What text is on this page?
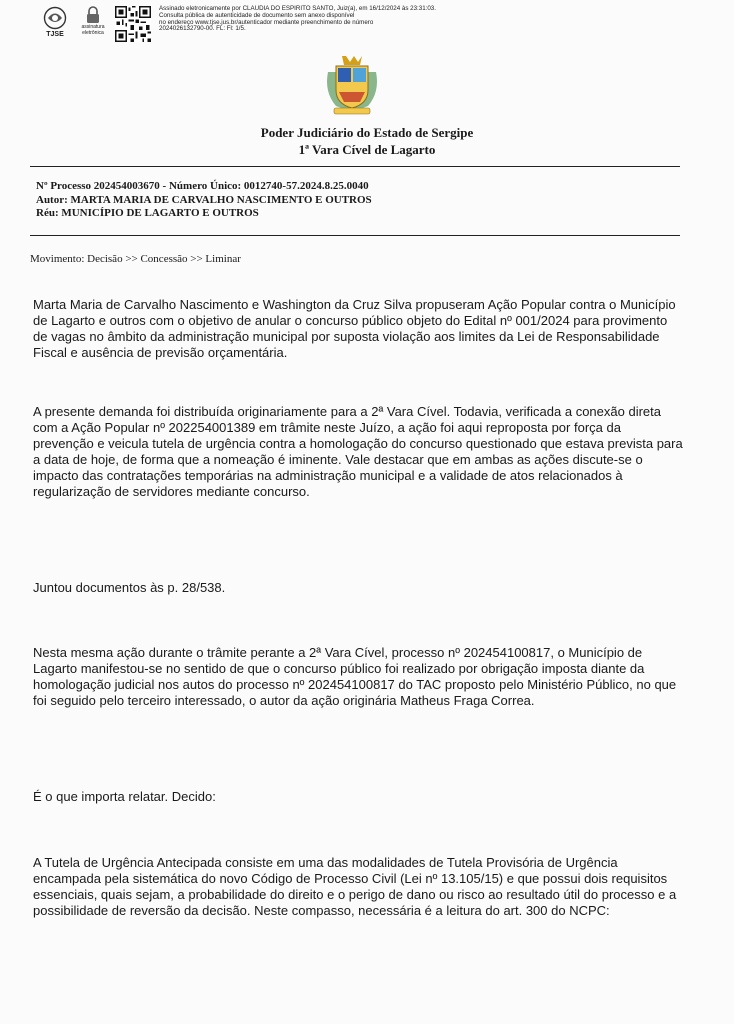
TJSE
assinatura
eletrônica
Assinado eletronicamente por CLAUDIA DO ESPIRITO SANTO, Juiz(a), em 16/12/2024 às 23:31:03.
Consulta pública de autenticidade de documento sem anexo disponível
no endereço www.tjse.jus.br/autenticador mediante preenchimento de número
2024026132790-00. FL: Fl: 1/5.
Poder Judiciário do Estado de Sergipe
1ª Vara Cível de Lagarto
Nº Processo 202454003670 - Número Único: 0012740-57.2024.8.25.0040
Autor: MARTA MARIA DE CARVALHO NASCIMENTO E OUTROS
Réu: MUNICÍPIO DE LAGARTO E OUTROS
Movimento: Decisão >> Concessão >> Liminar

Marta Maria de Carvalho Nascimento e Washington da Cruz Silva propuseram Ação Popular contra o Município de Lagarto e outros com o objetivo de anular o concurso público objeto do Edital nº 001/2024 para provimento de vagas no âmbito da administração municipal por suposta violação aos limites da Lei de Responsabilidade Fiscal e ausência de previsão orçamentária.

A presente demanda foi distribuída originariamente para a 2ª Vara Cível. Todavia, verificada a conexão direta com a Ação Popular nº 202254001389 em trâmite neste Juízo, a ação foi aqui reproposta por força da prevenção e veicula tutela de urgência contra a homologação do concurso questionado que estava prevista para a data de hoje, de forma que a nomeação é iminente. Vale destacar que em ambas as ações discute-se o impacto das contratações temporárias na administração municipal e a validade de atos relacionados à regularização de servidores mediante concurso.

Juntou documentos às p. 28/538.

Nesta mesma ação durante o trâmite perante a 2ª Vara Cível, processo nº 202454100817, o Município de Lagarto manifestou-se no sentido de que o concurso público foi realizado por obrigação imposta diante da homologação judicial nos autos do processo nº 202454100817 do TAC proposto pelo Ministério Público, no que foi seguido pelo terceiro interessado, o autor da ação originária Matheus Fraga Correa.

É o que importa relatar. Decido:

A Tutela de Urgência Antecipada consiste em uma das modalidades de Tutela Provisória de Urgência encampada pela sistemática do novo Código de Processo Civil (Lei nº 13.105/15) e que possui dois requisitos essenciais, quais sejam, a probabilidade do direito e o perigo de dano ou risco ao resultado útil do processo e a possibilidade de reversão da decisão. Neste compasso, necessária é a leitura do art. 300 do NCPC:
